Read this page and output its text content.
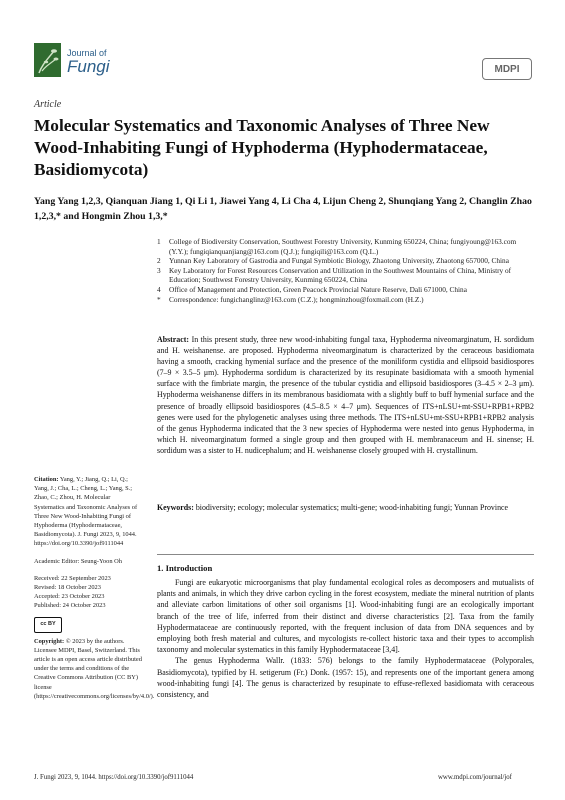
Journal of
Fungi	MDPI
Article
Molecular Systematics and Taxonomic Analyses of Three New Wood-Inhabiting Fungi of Hyphoderma (Hyphodermataceae, Basidiomycota)
Yang Yang 1,2,3, Qianquan Jiang 1, Qi Li 1, Jiawei Yang 4, Li Cha 4, Lijun Cheng 2, Shunqiang Yang 2, Changlin Zhao 1,2,3,* and Hongmin Zhou 1,3,*
1	College of Biodiversity Conservation, Southwest Forestry University, Kunming 650224, China; fungiyoung@163.com (Y.Y.); fungiqianquanjiang@163.com (Q.J.); fungiqili@163.com (Q.L.)
2	Yunnan Key Laboratory of Gastrodia and Fungal Symbiotic Biology, Zhaotong University, Zhaotong 657000, China
3	Key Laboratory for Forest Resources Conservation and Utilization in the Southwest Mountains of China, Ministry of Education; Southwest Forestry University, Kunming 650224, China
4	Office of Management and Protection, Green Peacock Provincial Nature Reserve, Dali 671000, China
*	Correspondence: fungichanglinz@163.com (C.Z.); hongminzhou@foxmail.com (H.Z.)
Abstract: In this present study, three new wood-inhabiting fungal taxa, Hyphoderma niveomarginatum, H. sordidum and H. weishanense. are proposed. Hyphoderma niveomarginatum is characterized by the ceraceous basidiomata having a smooth, cracking hymenial surface and the presence of the moniliform cystidia and ellipsoid basidiospores (7–9 × 3.5–5 μm). Hyphoderma sordidum is characterized by its resupinate basidiomata with a smooth hymenial surface with the fimbriate margin, the presence of the tubular cystidia and ellipsoid basidiospores (3–4.5 × 2–3 μm). Hyphoderma weishanense differs in its membranous basidiomata with a slightly buff to buff hymenial surface and the presence of broadly ellipsoid basidiospores (4.5–8.5 × 4–7 μm). Sequences of ITS+nLSU+mt-SSU+RPB1+RPB2 genes were used for the phylogenetic analyses using three methods. The ITS+nLSU+mt-SSU+RPB1+RPB2 analysis of the genus Hyphoderma indicated that the 3 new species of Hyphoderma were nested into genus Hyphoderma, in which H. niveomarginatum formed a single group and then grouped with H. membranaceum and H. sinense; H. sordidum was a sister to H. nudicephalum; and H. weishanense closely grouped with H. crystallinum.
Keywords: biodiversity; ecology; molecular systematics; multi-gene; wood-inhabiting fungi; Yunnan Province
Citation: Yang, Y.; Jiang, Q.; Li, Q.; Yang, J.; Cha, L.; Cheng, L.; Yang, S.; Zhao, C.; Zhou, H. Molecular Systematics and Taxonomic Analyses of Three New Wood-Inhabiting Fungi of Hyphoderma (Hyphodermataceae, Basidiomycota). J. Fungi 2023, 9, 1044. https://doi.org/10.3390/jof9111044
Academic Editor: Seung-Yoon Oh
Received: 22 September 2023
Revised: 18 October 2023
Accepted: 23 October 2023
Published: 24 October 2023
cc BY
Copyright: © 2023 by the authors. Licensee MDPI, Basel, Switzerland. This article is an open access article distributed under the terms and conditions of the Creative Commons Attribution (CC BY) license (https://creativecommons.org/licenses/by/4.0/).
1. Introduction

Fungi are eukaryotic microorganisms that play fundamental ecological roles as decomposers and mutualists of plants and animals, in which they drive carbon cycling in the forest ecosystem, mediate the mineral nutrition of plants and alleviate carbon limitations of other soil organisms [1]. Wood-inhabiting fungi are an ecologically important branch of the tree of life, inferred from their distinct and diverse characteristics [2]. Taxa from the family Hyphodermataceae are continuously reported, with the frequent inclusion of data from DNA sequences and by employing both fresh material and cultures, and mycologists re-collect historic taxa and their types to accomplish taxonomy and molecular systematics in this family Hyphodermataceae [3,4].

The genus Hyphoderma Wallr. (1833: 576) belongs to the family Hyphodermataceae (Polyporales, Basidiomycota), typified by H. setigerum (Fr.) Donk. (1957: 15), and represents one of the important genera among wood-inhabiting fungi [4]. The genus is characterized by resupinate to effuse-reflexed basidiomata with ceraceous consistency, and

J. Fungi 2023, 9, 1044. https://doi.org/10.3390/jof9111044	www.mdpi.com/journal/jof
